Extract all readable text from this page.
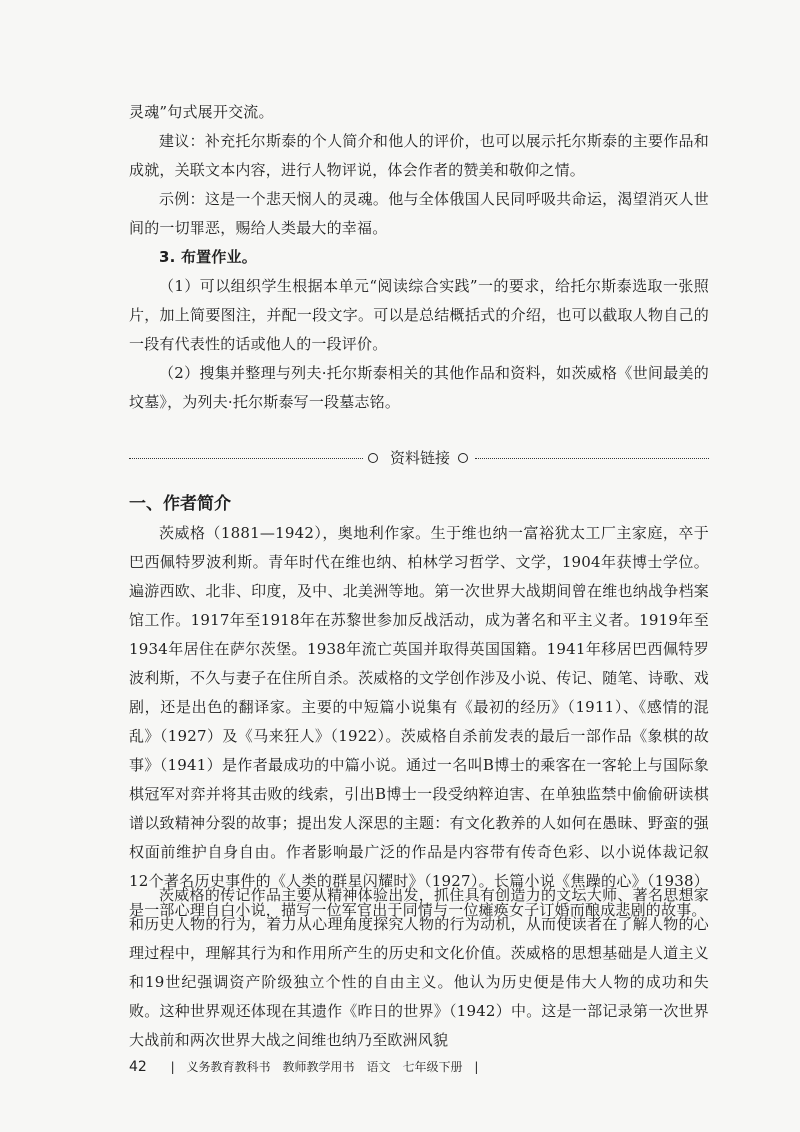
灵魂”句式展开交流。

建议：补充托尔斯泰的个人简介和他人的评价，也可以展示托尔斯泰的主要作品和成就，关联文本内容，进行人物评说，体会作者的赞美和敬仰之情。

示例：这是一个悲天悯人的灵魂。他与全体俄国人民同呼吸共命运，渴望消灭人世间的一切罪恶，赐给人类最大的幸福。

3. 布置作业。

（1）可以组织学生根据本单元“阅读综合实践”一的要求，给托尔斯泰选取一张照片，加上简要图注，并配一段文字。可以是总结概括式的介绍，也可以截取人物自己的一段有代表性的话或他人的一段评价。

（2）搜集并整理与列夫·托尔斯泰相关的其他作品和资料，如茨威格《世间最美的坟墓》，为列夫·托尔斯泰写一段墓志铭。

资料链接
一、作者简介

茨威格（1881—1942），奥地利作家。生于维也纳一富裕犹太工厂主家庭，卒于巴西佩特罗波利斯。青年时代在维也纳、柏林学习哲学、文学，1904年获博士学位。遍游西欧、北非、印度，及中、北美洲等地。第一次世界大战期间曾在维也纳战争档案馆工作。1917年至1918年在苏黎世参加反战活动，成为著名和平主义者。1919年至1934年居住在萨尔茨堡。1938年流亡英国并取得英国国籍。1941年移居巴西佩特罗波利斯，不久与妻子在住所自杀。茨威格的文学创作涉及小说、传记、随笔、诗歌、戏剧，还是出色的翻译家。主要的中短篇小说集有《最初的经历》（1911）、《感情的混乱》（1927）及《马来狂人》（1922）。茨威格自杀前发表的最后一部作品《象棋的故事》（1941）是作者最成功的中篇小说。通过一名叫B博士的乘客在一客轮上与国际象棋冠军对弈并将其击败的线索，引出B博士一段受纳粹迫害、在单独监禁中偷偷研读棋谱以致精神分裂的故事；提出发人深思的主题：有文化教养的人如何在愚昧、野蛮的强权面前维护自身自由。作者影响最广泛的作品是内容带有传奇色彩、以小说体裁记叙12个著名历史事件的《人类的群星闪耀时》（1927）。长篇小说《焦躁的心》（1938）是一部心理自白小说，描写一位军官出于同情与一位瘫痪女子订婚而酿成悲剧的故事。

茨威格的传记作品主要从精神体验出发，抓住具有创造力的文坛大师、著名思想家和历史人物的行为，着力从心理角度探究人物的行为动机，从而使读者在了解人物的心理过程中，理解其行为和作用所产生的历史和文化价值。茨威格的思想基础是人道主义和19世纪强调资产阶级独立个性的自由主义。他认为历史便是伟大人物的成功和失败。这种世界观还体现在其遗作《昨日的世界》（1942）中。这是一部记录第一次世界大战前和两次世界大战之间维也纳乃至欧洲风貌

42 | 义务教育教科书　教师教学用书　语文　七年级下册 |
